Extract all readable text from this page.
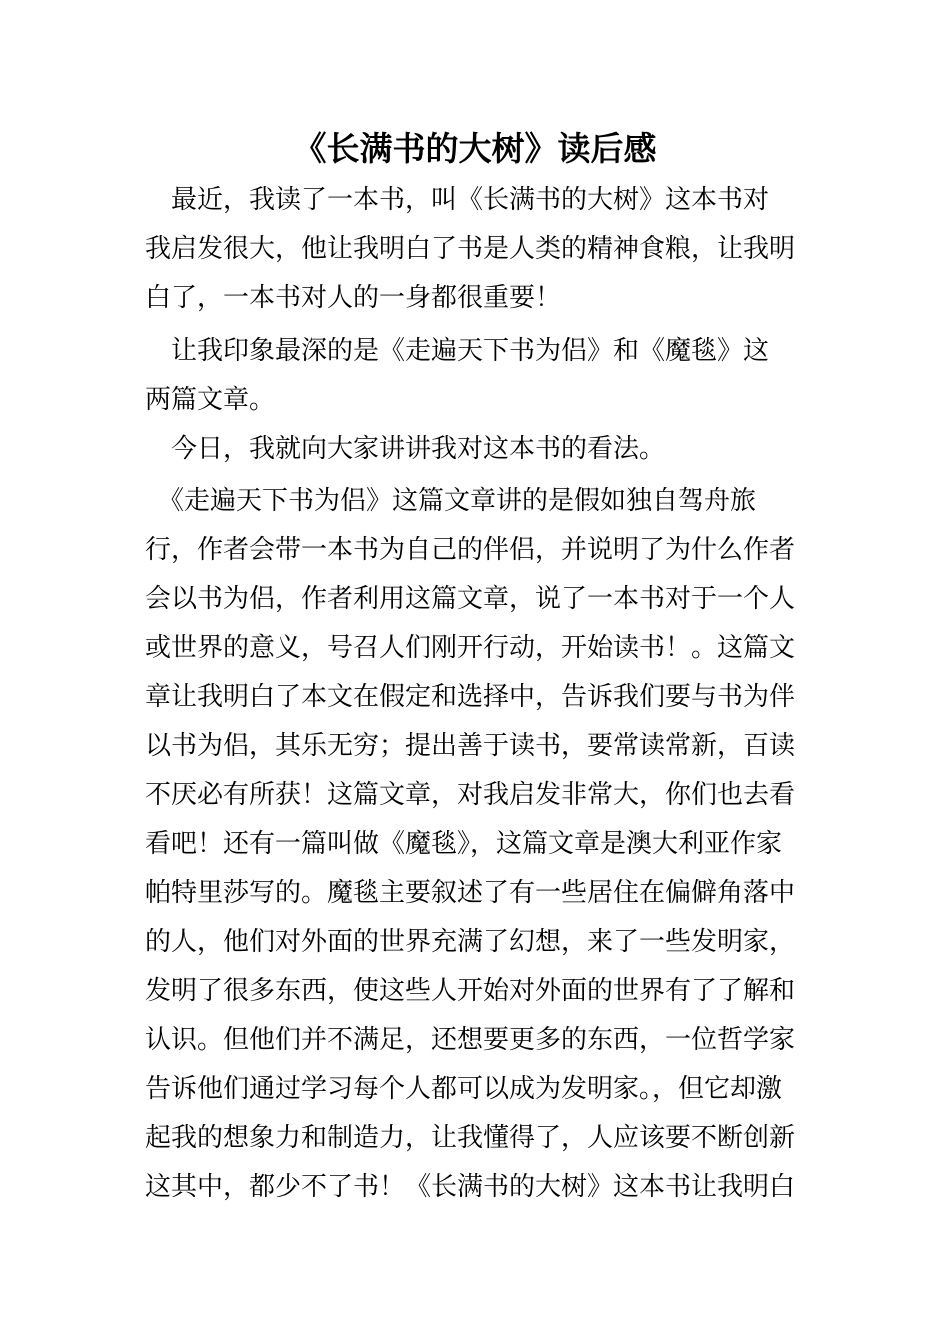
《长满书的大树》读后感
　最近，我读了一本书，叫《长满书的大树》这本书对
我启发很大，他让我明白了书是人类的精神食粮，让我明
白了，一本书对人的一身都很重要！
　让我印象最深的是《走遍天下书为侣》和《魔毯》这
两篇文章。
　今日，我就向大家讲讲我对这本书的看法。
　《走遍天下书为侣》这篇文章讲的是假如独自驾舟旅
行，作者会带一本书为自己的伴侣，并说明了为什么作者
会以书为侣，作者利用这篇文章，说了一本书对于一个人
或世界的意义，号召人们刚开行动，开始读书！。这篇文
章让我明白了本文在假定和选择中，告诉我们要与书为伴
以书为侣，其乐无穷；提出善于读书，要常读常新，百读
不厌必有所获！这篇文章，对我启发非常大，你们也去看
看吧！还有一篇叫做《魔毯》，这篇文章是澳大利亚作家
帕特里莎写的。魔毯主要叙述了有一些居住在偏僻角落中
的人，他们对外面的世界充满了幻想，来了一些发明家，
发明了很多东西，使这些人开始对外面的世界有了了解和
认识。但他们并不满足，还想要更多的东西，一位哲学家
告诉他们通过学习每个人都可以成为发明家。，但它却激
起我的想象力和制造力，让我懂得了，人应该要不断创新
这其中，都少不了书！《长满书的大树》这本书让我明白
